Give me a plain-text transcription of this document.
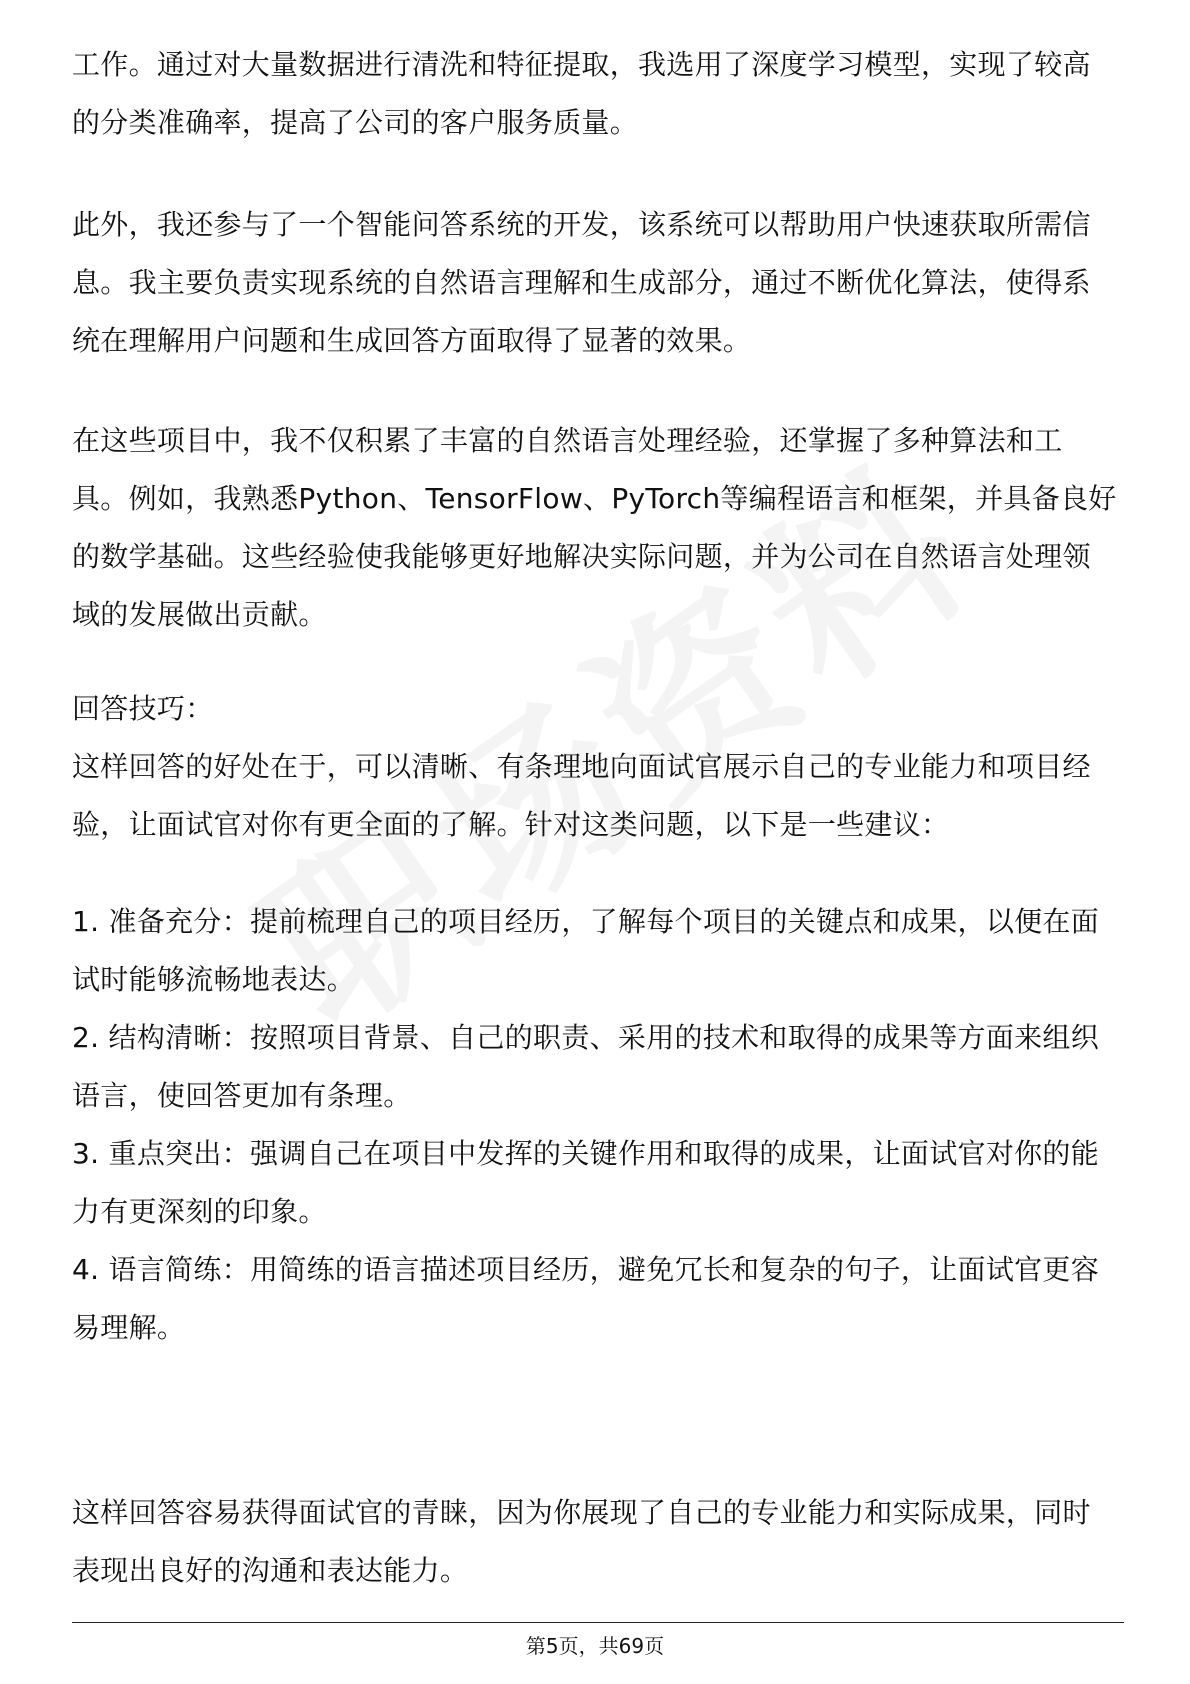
工作。通过对大量数据进行清洗和特征提取，我选用了深度学习模型，实现了较高
的分类准确率，提高了公司的客户服务质量。
此外，我还参与了一个智能问答系统的开发，该系统可以帮助用户快速获取所需信
息。我主要负责实现系统的自然语言理解和生成部分，通过不断优化算法，使得系
统在理解用户问题和生成回答方面取得了显著的效果。
在这些项目中，我不仅积累了丰富的自然语言处理经验，还掌握了多种算法和工
具。例如，我熟悉Python、TensorFlow、PyTorch等编程语言和框架，并具备良好
的数学基础。这些经验使我能够更好地解决实际问题，并为公司在自然语言处理领
域的发展做出贡献。
回答技巧：
这样回答的好处在于，可以清晰、有条理地向面试官展示自己的专业能力和项目经
验，让面试官对你有更全面的了解。针对这类问题，以下是一些建议：
1. 准备充分：提前梳理自己的项目经历，了解每个项目的关键点和成果，以便在面
试时能够流畅地表达。
2. 结构清晰：按照项目背景、自己的职责、采用的技术和取得的成果等方面来组织
语言，使回答更加有条理。
3. 重点突出：强调自己在项目中发挥的关键作用和取得的成果，让面试官对你的能
力有更深刻的印象。
4. 语言简练：用简练的语言描述项目经历，避免冗长和复杂的句子，让面试官更容
易理解。
这样回答容易获得面试官的青睐，因为你展现了自己的专业能力和实际成果，同时
表现出良好的沟通和表达能力。
第5页，共69页
